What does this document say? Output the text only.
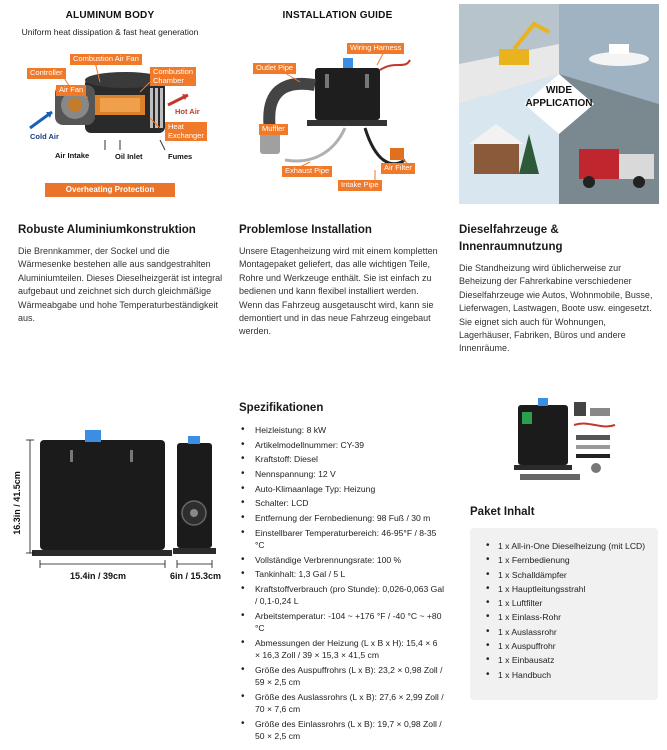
ALUMINUM BODY
Uniform heat dissipation & fast heat generation
Combustion Air Fan
Controller	Combustion
Chamber
Air Fan
Hot Air
Heat
Exchanger
Cold Air
Air Intake	Oil Inlet	Fumes
Overheating Protection
INSTALLATION GUIDE
Wiring Harness
Outlet Pipe
Muffler
Exhaust Pipe	Air Filter
Intake Pipe
WIDE
APPLICATION
Robuste Aluminiumkonstruktion
Die Brennkammer, der Sockel und die Wärmesenke bestehen alle aus sandgestrahlten Aluminiumteilen. Dieses Dieselheizgerät ist integral aufgebaut und zeichnet sich durch gleichmäßige Wärmeabgabe und hohe Temperaturbeständigkeit aus.
Problemlose Installation
Unsere Etagenheizung wird mit einem kompletten Montagepaket geliefert, das alle wichtigen Teile, Rohre und Werkzeuge enthält. Sie ist einfach zu bedienen und kann flexibel installiert werden. Wenn das Fahrzeug ausgetauscht wird, kann sie demontiert und in das neue Fahrzeug eingebaut werden.
Dieselfahrzeuge & Innenraumnutzung
Die Standheizung wird üblicherweise zur Beheizung der Fahrerkabine verschiedener Dieselfahrzeuge wie Autos, Wohnmobile, Busse, Lieferwagen, Lastwagen, Boote usw. eingesetzt. Sie eignet sich auch für Wohnungen, Lagerhäuser, Fabriken, Büros und andere Innenräume.
16.3in / 41.5cm
15.4in / 39cm	6in / 15.3cm
Spezifikationen
• Heizleistung: 8 kW
• Artikelmodellnummer: CY-39
• Kraftstoff: Diesel
• Nennspannung: 12 V
• Auto-Klimaanlage Typ: Heizung
• Schalter: LCD
• Entfernung der Fernbedienung: 98 Fuß / 30 m
• Einstellbarer Temperaturbereich: 46-95°F / 8-35 °C
• Vollständige Verbrennungsrate: 100 %
• Tankinhalt: 1,3 Gal / 5 L
• Kraftstoffverbrauch (pro Stunde): 0,026-0,063 Gal / 0,1-0,24 L
• Arbeitstemperatur: -104 ~ +176 °F / -40 °C ~ +80 °C
• Abmessungen der Heizung (L x B x H): 15,4 × 6 × 16,3 Zoll / 39 × 15,3 × 41,5 cm
• Größe des Auspuffrohrs (L x B): 23,2 × 0,98 Zoll / 59 × 2,5 cm
• Größe des Auslassrohrs (L x B): 27,6 × 2,99 Zoll / 70 × 7,6 cm
• Größe des Einlassrohrs (L x B): 19,7 × 0,98 Zoll / 50 × 2,5 cm
Paket Inhalt
• 1 x All-in-One Dieselheizung (mit LCD)
• 1 x Fernbedienung
• 1 x Schalldämpfer
• 1 x Hauptleitungsstrahl
• 1 x Luftfilter
• 1 x Einlass-Rohr
• 1 x Auslassrohr
• 1 x Auspuffrohr
• 1 x Einbausatz
• 1 x Handbuch
